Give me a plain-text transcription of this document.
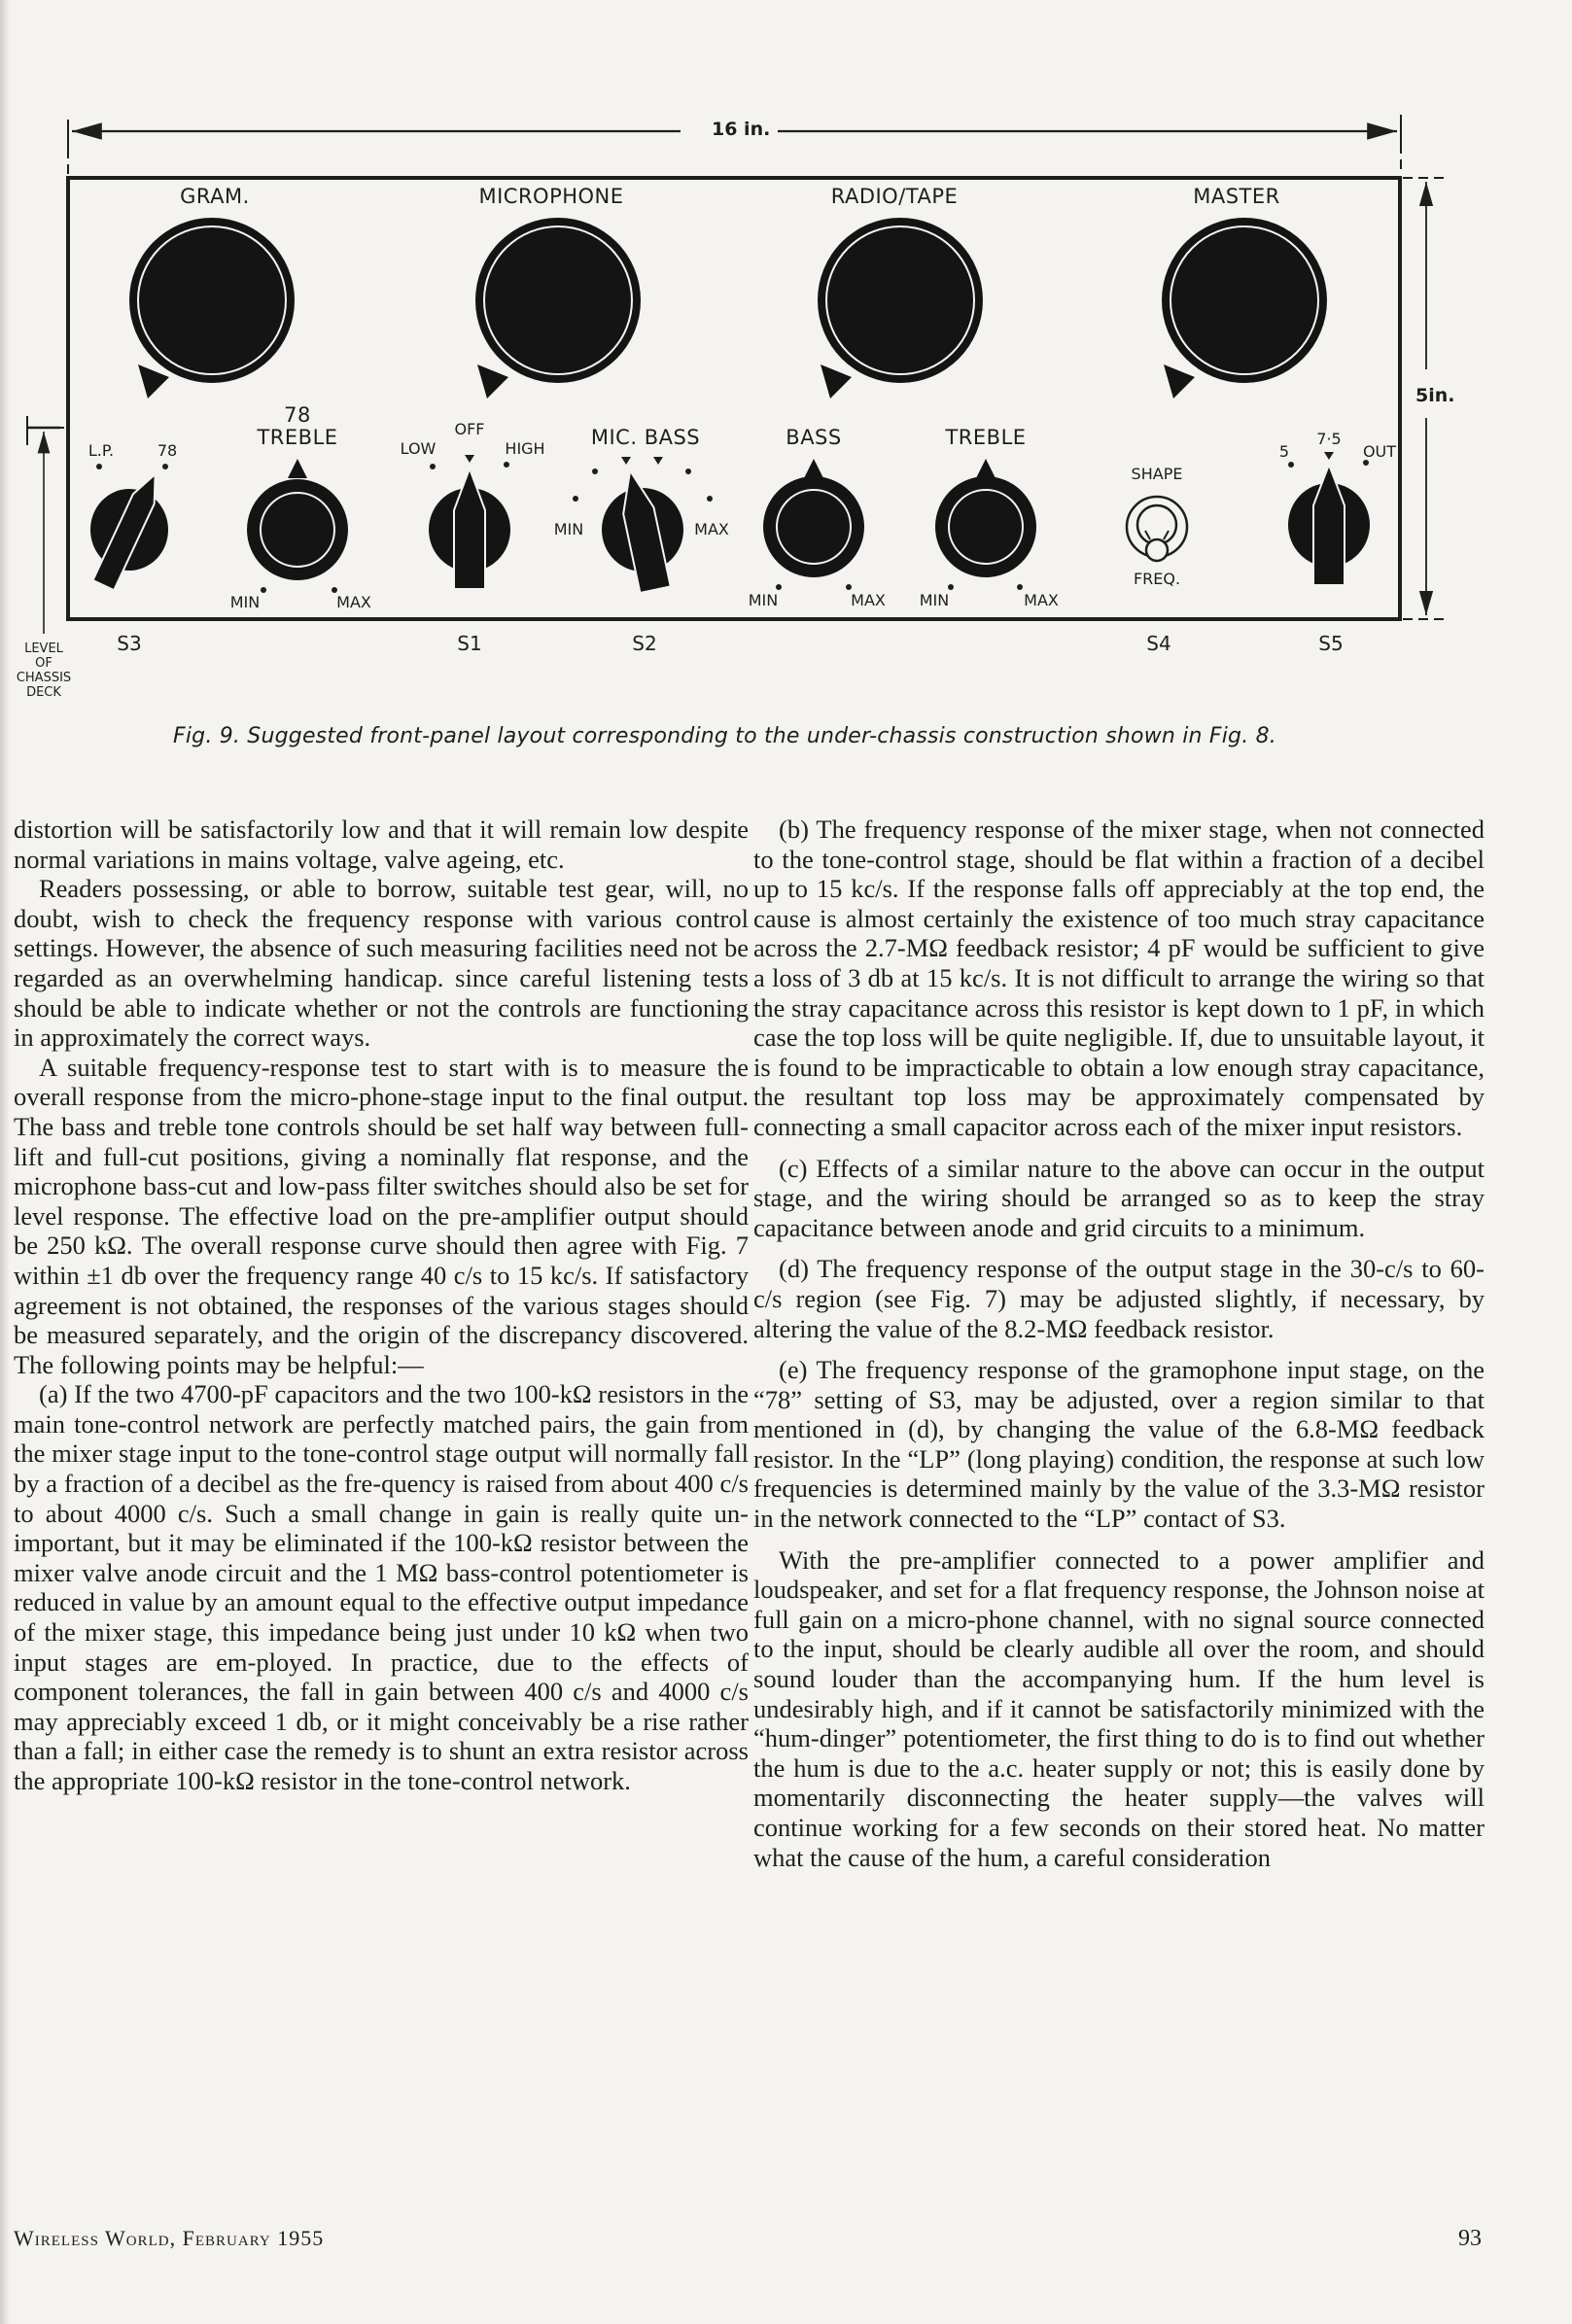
16 in.
5in.
GRAM.	MICROPHONE	RADIO/TAPE	MASTER
L.P.	78
78
TREBLE
MIN	MAX
LOW
OFF
HIGH MIC. BASS
MIN	MAX
BASS
MIN	MAX
TREBLE
MIN	MAX
SHAPE
FREQ.
5
7·5
OUT
S3	S1	S2	S4	S5
LEVEL
OF
CHASSIS
DECK
Fig. 9. Suggested front-panel layout corresponding to the under-chassis construction shown in Fig. 8.

distortion will be satisfactorily low and that it will remain low despite normal variations in mains voltage, valve ageing, etc.

Readers possessing, or able to borrow, suitable test gear, will, no doubt, wish to check the frequency response with various control settings. However, the absence of such measuring facilities need not be regarded as an overwhelming handicap. since careful listening tests should be able to indicate whether or not the controls are functioning in approximately the correct ways.

A suitable frequency-response test to start with is to measure the overall response from the micro-phone-stage input to the final output. The bass and treble tone controls should be set half way between full-lift and full-cut positions, giving a nominally flat response, and the microphone bass-cut and low-pass filter switches should also be set for level response. The effective load on the pre-amplifier output should be 250 kΩ. The overall response curve should then agree with Fig. 7 within ±1 db over the frequency range 40 c/s to 15 kc/s. If satisfactory agreement is not obtained, the responses of the various stages should be measured separately, and the origin of the discrepancy discovered. The following points may be helpful:—

(a) If the two 4700-pF capacitors and the two 100-kΩ resistors in the main tone-control network are perfectly matched pairs, the gain from the mixer stage input to the tone-control stage output will normally fall by a fraction of a decibel as the fre-quency is raised from about 400 c/s to about 4000 c/s. Such a small change in gain is really quite un-important, but it may be eliminated if the 100-kΩ resistor between the mixer valve anode circuit and the 1 MΩ bass-control potentiometer is reduced in value by an amount equal to the effective output impedance of the mixer stage, this impedance being just under 10 kΩ when two input stages are em-ployed. In practice, due to the effects of component tolerances, the fall in gain between 400 c/s and 4000 c/s may appreciably exceed 1 db, or it might conceivably be a rise rather than a fall; in either case the remedy is to shunt an extra resistor across the appropriate 100-kΩ resistor in the tone-control network.

(b) The frequency response of the mixer stage, when not connected to the tone-control stage, should be flat within a fraction of a decibel up to 15 kc/s. If the response falls off appreciably at the top end, the cause is almost certainly the existence of too much stray capacitance across the 2.7-MΩ feedback resistor; 4 pF would be sufficient to give a loss of 3 db at 15 kc/s. It is not difficult to arrange the wiring so that the stray capacitance across this resistor is kept down to 1 pF, in which case the top loss will be quite negligible. If, due to unsuitable layout, it is found to be impracticable to obtain a low enough stray capacitance, the resultant top loss may be approximately compensated by connecting a small capacitor across each of the mixer input resistors.

(c) Effects of a similar nature to the above can occur in the output stage, and the wiring should be arranged so as to keep the stray capacitance between anode and grid circuits to a minimum.

(d) The frequency response of the output stage in the 30-c/s to 60-c/s region (see Fig. 7) may be adjusted slightly, if necessary, by altering the value of the 8.2-MΩ feedback resistor.

(e) The frequency response of the gramophone input stage, on the “78” setting of S3, may be adjusted, over a region similar to that mentioned in (d), by changing the value of the 6.8-MΩ feedback resistor. In the “LP” (long playing) condition, the response at such low frequencies is determined mainly by the value of the 3.3-MΩ resistor in the network connected to the “LP” contact of S3.

With the pre-amplifier connected to a power amplifier and loudspeaker, and set for a flat frequency response, the Johnson noise at full gain on a micro-phone channel, with no signal source connected to the input, should be clearly audible all over the room, and should sound louder than the accompanying hum. If the hum level is undesirably high, and if it cannot be satisfactorily minimized with the “hum-dinger” potentiometer, the first thing to do is to find out whether the hum is due to the a.c. heater supply or not; this is easily done by momentarily disconnecting the heater supply—the valves will continue working for a few seconds on their stored heat. No matter what the cause of the hum, a careful consideration

Wireless World, February 1955	93
